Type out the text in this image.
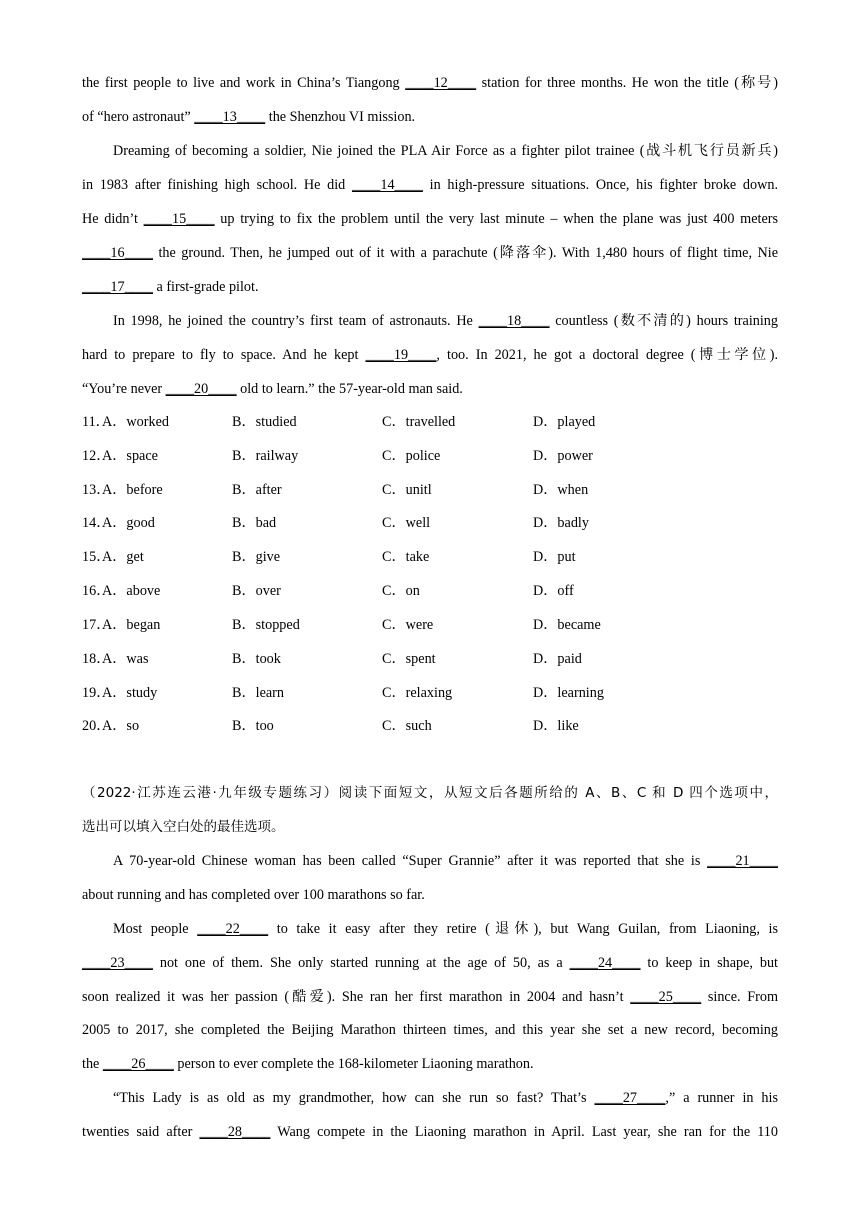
the first people to live and work in China’s Tiangong ____12____ station for three months. He won the title (称号)
of “hero astronaut” ____13____ the Shenzhou VI mission.
Dreaming of becoming a soldier, Nie joined the PLA Air Force as a fighter pilot trainee (战斗机飞行员新兵)
in 1983 after finishing high school. He did ____14____ in high-pressure situations. Once, his fighter broke down.
He didn’t ____15____ up trying to fix the problem until the very last minute – when the plane was just 400 meters
____16____ the ground. Then, he jumped out of it with a parachute (降落伞). With 1,480 hours of flight time, Nie
____17____ a first-grade pilot.
In 1998, he joined the country’s first team of astronauts. He ____18____ countless (数不清的) hours training
hard to prepare to fly to space. And he kept ____19____, too. In 2021, he got a doctoral degree (博士学位).
“You’re never ____20____ old to learn.” the 57-year-old man said.
11．
A．worked	B．studied	C．travelled	D．played
12．
A．space	B．railway	C．police	D．power
13．
A．before	B．after	C．unitl	D．when
14．
A．good	B．bad	C．well	D．badly
15．
A．get	B．give	C．take	D．put
16．
A．above	B．over	C．on	D．off
17．
A．began	B．stopped	C．were	D．became
18．
A．was	B．took	C．spent	D．paid
19．
A．study	B．learn	C．relaxing	D．learning
20．
A．so	B．too	C．such	D．like
（2022·江苏连云港·九年级专题练习）阅读下面短文，从短文后各题所给的 A、B、C 和 D 四个选项中，
选出可以填入空白处的最佳选项。
A 70-year-old Chinese woman has been called “Super Grannie” after it was reported that she is ____21____
about running and has completed over 100 marathons so far.
Most people ____22____ to take it easy after they retire (退休), but Wang Guilan, from Liaoning, is
____23____ not one of them. She only started running at the age of 50, as a ____24____ to keep in shape, but
soon realized it was her passion (酷爱). She ran her first marathon in 2004 and hasn’t ____25____ since. From
2005 to 2017, she completed the Beijing Marathon thirteen times, and this year she set a new record, becoming
the ____26____ person to ever complete the 168-kilometer Liaoning marathon.
“This Lady is as old as my grandmother, how can she run so fast? That’s ____27____,” a runner in his
twenties said after ____28____ Wang compete in the Liaoning marathon in April. Last year, she ran for the 110
